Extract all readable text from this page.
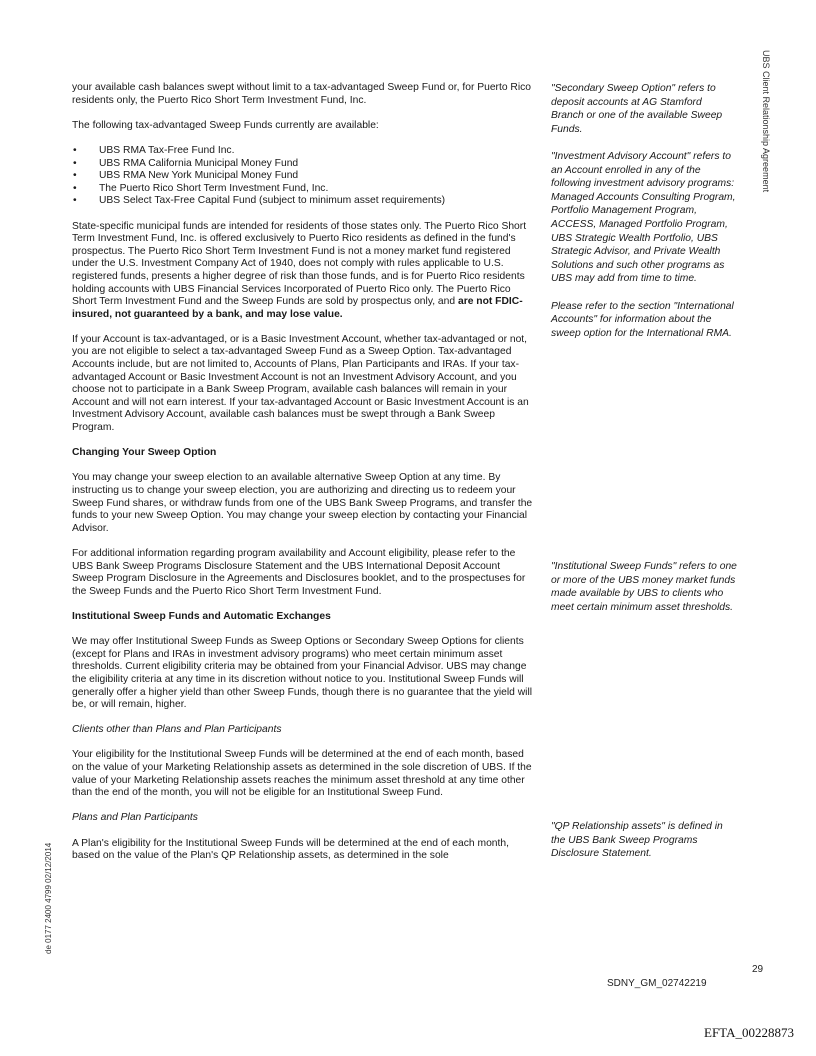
UBS Client Relationship Agreement

your available cash balances swept without limit to a tax-advantaged Sweep Fund or, for Puerto Rico residents only, the Puerto Rico Short Term Investment Fund, Inc.

The following tax-advantaged Sweep Funds currently are available:

• UBS RMA Tax-Free Fund Inc.
• UBS RMA California Municipal Money Fund
• UBS RMA New York Municipal Money Fund
• The Puerto Rico Short Term Investment Fund, Inc.
• UBS Select Tax-Free Capital Fund (subject to minimum asset requirements)

State-specific municipal funds are intended for residents of those states only. The Puerto Rico Short Term Investment Fund, Inc. is offered exclusively to Puerto Rico residents as defined in the fund's prospectus. The Puerto Rico Short Term Investment Fund is not a money market fund registered under the U.S. Investment Company Act of 1940, does not comply with rules applicable to U.S. registered funds, presents a higher degree of risk than those funds, and is for Puerto Rico residents holding accounts with UBS Financial Services Incorporated of Puerto Rico only. The Puerto Rico Short Term Investment Fund and the Sweep Funds are sold by prospectus only, and are not FDIC-insured, not guaranteed by a bank, and may lose value.

If your Account is tax-advantaged, or is a Basic Investment Account, whether tax-advantaged or not, you are not eligible to select a tax-advantaged Sweep Fund as a Sweep Option. Tax-advantaged Accounts include, but are not limited to, Accounts of Plans, Plan Participants and IRAs. If your tax-advantaged Account or Basic Investment Account is not an Investment Advisory Account, and you choose not to participate in a Bank Sweep Program, available cash balances will remain in your Account and will not earn interest. If your tax-advantaged Account or Basic Investment Account is an Investment Advisory Account, available cash balances must be swept through a Bank Sweep Program.

Changing Your Sweep Option

You may change your sweep election to an available alternative Sweep Option at any time. By instructing us to change your sweep election, you are authorizing and directing us to redeem your Sweep Fund shares, or withdraw funds from one of the UBS Bank Sweep Programs, and transfer the funds to your new Sweep Option. You may change your sweep election by contacting your Financial Advisor.

For additional information regarding program availability and Account eligibility, please refer to the UBS Bank Sweep Programs Disclosure Statement and the UBS International Deposit Account Sweep Program Disclosure in the Agreements and Disclosures booklet, and to the prospectuses for the Sweep Funds and the Puerto Rico Short Term Investment Fund.

Institutional Sweep Funds and Automatic Exchanges

We may offer Institutional Sweep Funds as Sweep Options or Secondary Sweep Options for clients (except for Plans and IRAs in investment advisory programs) who meet certain minimum asset thresholds. Current eligibility criteria may be obtained from your Financial Advisor. UBS may change the eligibility criteria at any time in its discretion without notice to you. Institutional Sweep Funds will generally offer a higher yield than other Sweep Funds, though there is no guarantee that the yield will be, or will remain, higher.

Clients other than Plans and Plan Participants

Your eligibility for the Institutional Sweep Funds will be determined at the end of each month, based on the value of your Marketing Relationship assets as determined in the sole discretion of UBS. If the value of your Marketing Relationship assets reaches the minimum asset threshold at any time other than the end of the month, you will not be eligible for an Institutional Sweep Fund.

Plans and Plan Participants

A Plan's eligibility for the Institutional Sweep Funds will be determined at the end of each month, based on the value of the Plan's QP Relationship assets, as determined in the sole

"Secondary Sweep Option" refers to deposit accounts at AG Stamford Branch or one of the available Sweep Funds.

"Investment Advisory Account" refers to an Account enrolled in any of the following investment advisory programs: Managed Accounts Consulting Program, Portfolio Management Program, ACCESS, Managed Portfolio Program, UBS Strategic Wealth Portfolio, UBS Strategic Advisor, and Private Wealth Solutions and such other programs as UBS may add from time to time.

Please refer to the section "International Accounts" for information about the sweep option for the International RMA.

"Institutional Sweep Funds" refers to one or more of the UBS money market funds made available by UBS to clients who meet certain minimum asset thresholds.

"QP Relationship assets" is defined in the UBS Bank Sweep Programs Disclosure Statement.

de 0177 2400 4799 02/12/2014
29
SDNY_GM_02742219
EFTA_00228873
